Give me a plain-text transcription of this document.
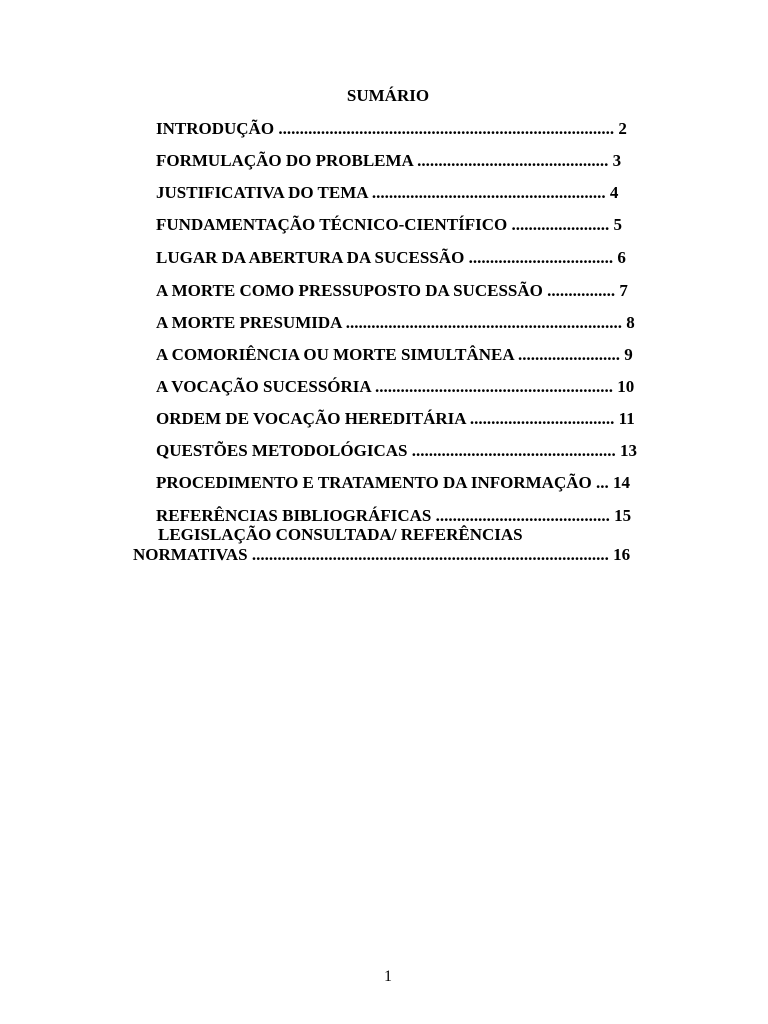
SUMÁRIO
INTRODUÇÃO ............................................................................... 2
FORMULAÇÃO DO PROBLEMA ............................................. 3
JUSTIFICATIVA DO TEMA ....................................................... 4
FUNDAMENTAÇÃO TÉCNICO-CIENTÍFICO ....................... 5
LUGAR DA ABERTURA DA SUCESSÃO .................................. 6
A MORTE COMO PRESSUPOSTO DA SUCESSÃO ................ 7
A MORTE PRESUMIDA ................................................................. 8
A COMORIÊNCIA OU MORTE SIMULTÂNEA ........................ 9
A VOCAÇÃO SUCESSÓRIA ........................................................ 10
ORDEM DE VOCAÇÃO HEREDITÁRIA .................................. 11
QUESTÕES METODOLÓGICAS ................................................ 13
PROCEDIMENTO E TRATAMENTO DA INFORMAÇÃO ... 14
REFERÊNCIAS BIBLIOGRÁFICAS ......................................... 15
LEGISLAÇÃO CONSULTADA/ REFERÊNCIAS
NORMATIVAS .................................................................................... 16
1
